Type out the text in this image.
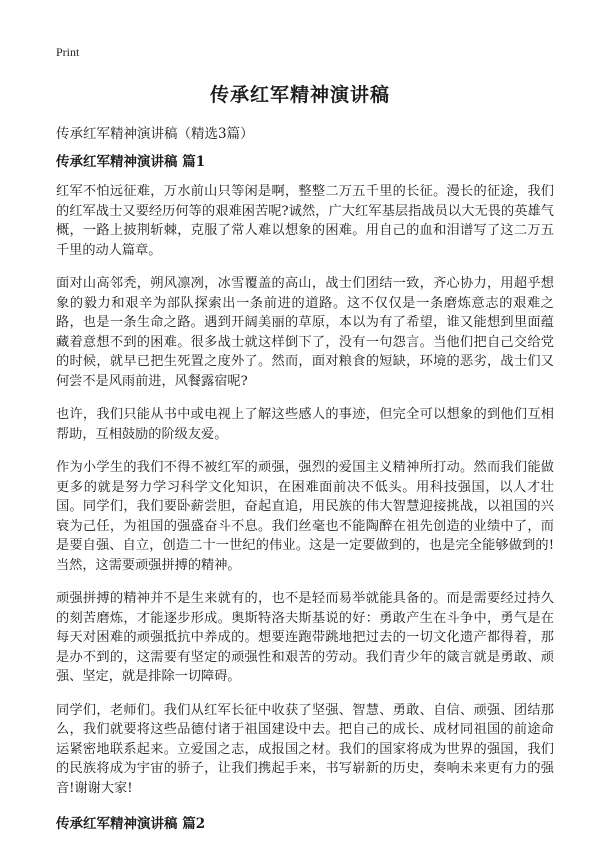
Print
传承红军精神演讲稿
传承红军精神演讲稿（精选3篇）
传承红军精神演讲稿 篇1

红军不怕远征难，万水前山只等闲是啊，整整二万五千里的长征。漫长的征途，我们的红军战士又要经历何等的艰难困苦呢?诚然，广大红军基层指战员以大无畏的英雄气概，一路上披荆斩棘，克服了常人难以想象的困难。用自己的血和泪谱写了这二万五千里的动人篇章。

面对山高邻秃，朔风凛冽，冰雪覆盖的高山，战士们团结一致，齐心协力，用超乎想象的毅力和艰辛为部队探索出一条前进的道路。这不仅仅是一条磨炼意志的艰难之路，也是一条生命之路。遇到开阔美丽的草原，本以为有了希望，谁又能想到里面蕴藏着意想不到的困难。很多战士就这样倒下了，没有一句怨言。当他们把自己交给党的时候，就早已把生死置之度外了。然而，面对粮食的短缺，环境的恶劣，战士们又何尝不是风雨前进，风餐露宿呢?

也许，我们只能从书中或电视上了解这些感人的事迹，但完全可以想象的到他们互相帮助，互相鼓励的阶级友爱。

作为小学生的我们不得不被红军的顽强，强烈的爱国主义精神所打动。然而我们能做更多的就是努力学习科学文化知识，在困难面前决不低头。用科技强国，以人才壮国。同学们，我们要卧薪尝胆，奋起直追，用民族的伟大智慧迎接挑战，以祖国的兴衰为己任，为祖国的强盛奋斗不息。我们丝毫也不能陶醉在祖先创造的业绩中了，而是要自强、自立，创造二十一世纪的伟业。这是一定要做到的，也是完全能够做到的!当然，这需要顽强拼搏的精神。

顽强拼搏的精神并不是生来就有的，也不是轻而易举就能具备的。而是需要经过持久的刻苦磨炼，才能逐步形成。奥斯特洛夫斯基说的好：勇敢产生在斗争中，勇气是在每天对困难的顽强抵抗中养成的。想要连跑带跳地把过去的一切文化遗产都得着，那是办不到的，这需要有坚定的顽强性和艰苦的劳动。我们青少年的箴言就是勇敢、顽强、坚定，就是排除一切障碍。

同学们，老师们。我们从红军长征中收获了坚强、智慧、勇敢、自信、顽强、团结那么，我们就要将这些品德付诸于祖国建设中去。把自己的成长、成材同祖国的前途命运紧密地联系起来。立爱国之志，成报国之材。我们的国家将成为世界的强国，我们的民族将成为宇宙的骄子，让我们携起手来，书写崭新的历史，奏响未来更有力的强音!谢谢大家!

传承红军精神演讲稿 篇2
